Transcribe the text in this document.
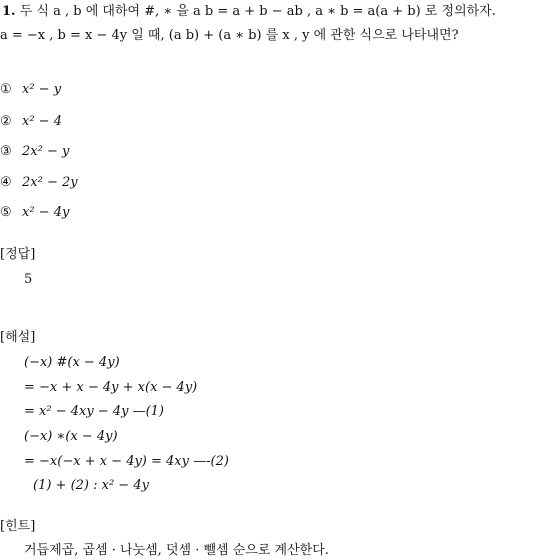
1. 두 식 a , b 에 대하여 #, ∗ 을 a b = a + b − ab , a ∗ b = a(a + b) 로 정의하자.
a = −x , b = x − 4y 일 때, (a b) + (a ∗ b) 를 x , y 에 관한 식으로 나타내면?
① x² − y
② x² − 4
③ 2x² − y
④ 2x² − 2y
⑤ x² − 4y
[정답]
5
[해설]
(−x) #(x − 4y)
= −x + x − 4y + x(x − 4y)
= x² − 4xy − 4y —(1)
(−x) ∗(x − 4y)
= −x(−x + x − 4y) = 4xy —-(2)
(1) + (2) : x² − 4y
[힌트]
거듭제곱, 곱셈 · 나눗셈, 덧셈 · 뺄셈 순으로 계산한다.
